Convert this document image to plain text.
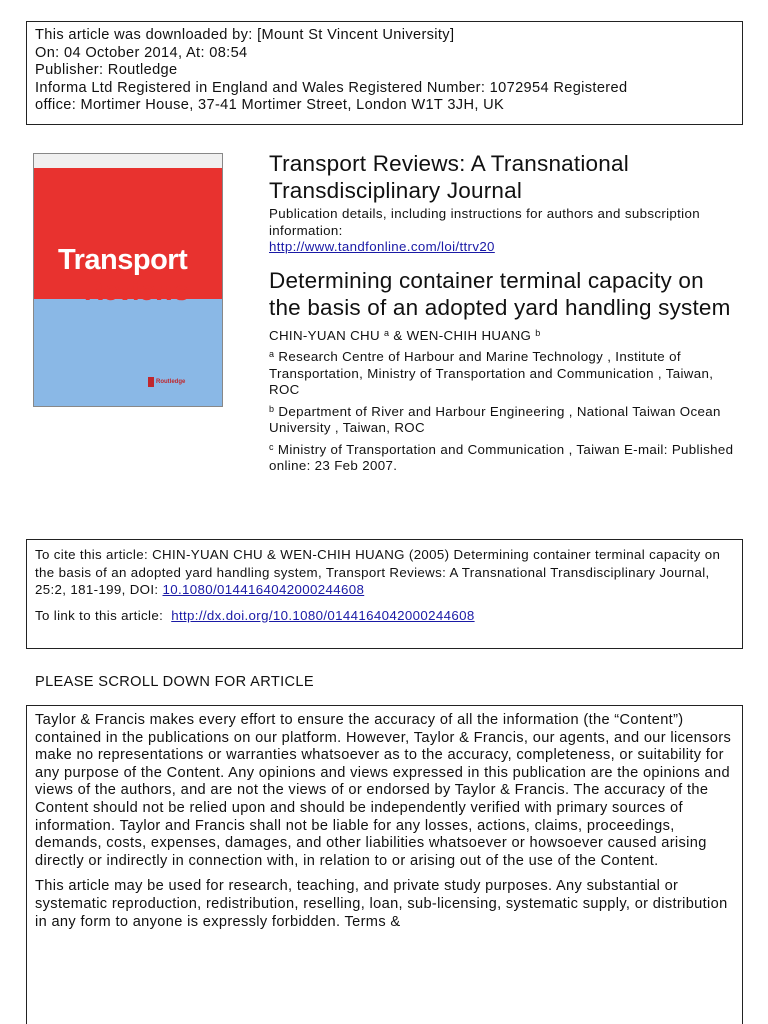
This article was downloaded by: [Mount St Vincent University]
On: 04 October 2014, At: 08:54
Publisher: Routledge
Informa Ltd Registered in England and Wales Registered Number: 1072954 Registered
office: Mortimer House, 37-41 Mortimer Street, London W1T 3JH, UK
Transport
Reviews
Routledge
Transport Reviews: A Transnational Transdisciplinary Journal
Publication details, including instructions for authors and subscription information:
http://www.tandfonline.com/loi/ttrv20
Determining container terminal capacity on the basis of an adopted yard handling system
CHIN-YUAN CHU $^a$ & WEN-CHIH HUANG $^b$
$^a$ Research Centre of Harbour and Marine Technology , Institute of Transportation, Ministry of Transportation and Communication , Taiwan, ROC
$^b$ Department of River and Harbour Engineering , National Taiwan Ocean University , Taiwan, ROC
$^c$ Ministry of Transportation and Communication , Taiwan E-mail: Published online: 23 Feb 2007.
To cite this article: CHIN-YUAN CHU & WEN-CHIH HUANG (2005) Determining container terminal capacity on the basis of an adopted yard handling system, Transport Reviews: A Transnational Transdisciplinary Journal, 25:2, 181-199, DOI: 10.1080/0144164042000244608
To link to this article: http://dx.doi.org/10.1080/0144164042000244608
PLEASE SCROLL DOWN FOR ARTICLE

Taylor & Francis makes every effort to ensure the accuracy of all the information (the “Content”) contained in the publications on our platform. However, Taylor & Francis, our agents, and our licensors make no representations or warranties whatsoever as to the accuracy, completeness, or suitability for any purpose of the Content. Any opinions and views expressed in this publication are the opinions and views of the authors, and are not the views of or endorsed by Taylor & Francis. The accuracy of the Content should not be relied upon and should be independently verified with primary sources of information. Taylor and Francis shall not be liable for any losses, actions, claims, proceedings, demands, costs, expenses, damages, and other liabilities whatsoever or howsoever caused arising directly or indirectly in connection with, in relation to or arising out of the use of the Content.

This article may be used for research, teaching, and private study purposes. Any substantial or systematic reproduction, redistribution, reselling, loan, sub-licensing, systematic supply, or distribution in any form to anyone is expressly forbidden. Terms &
